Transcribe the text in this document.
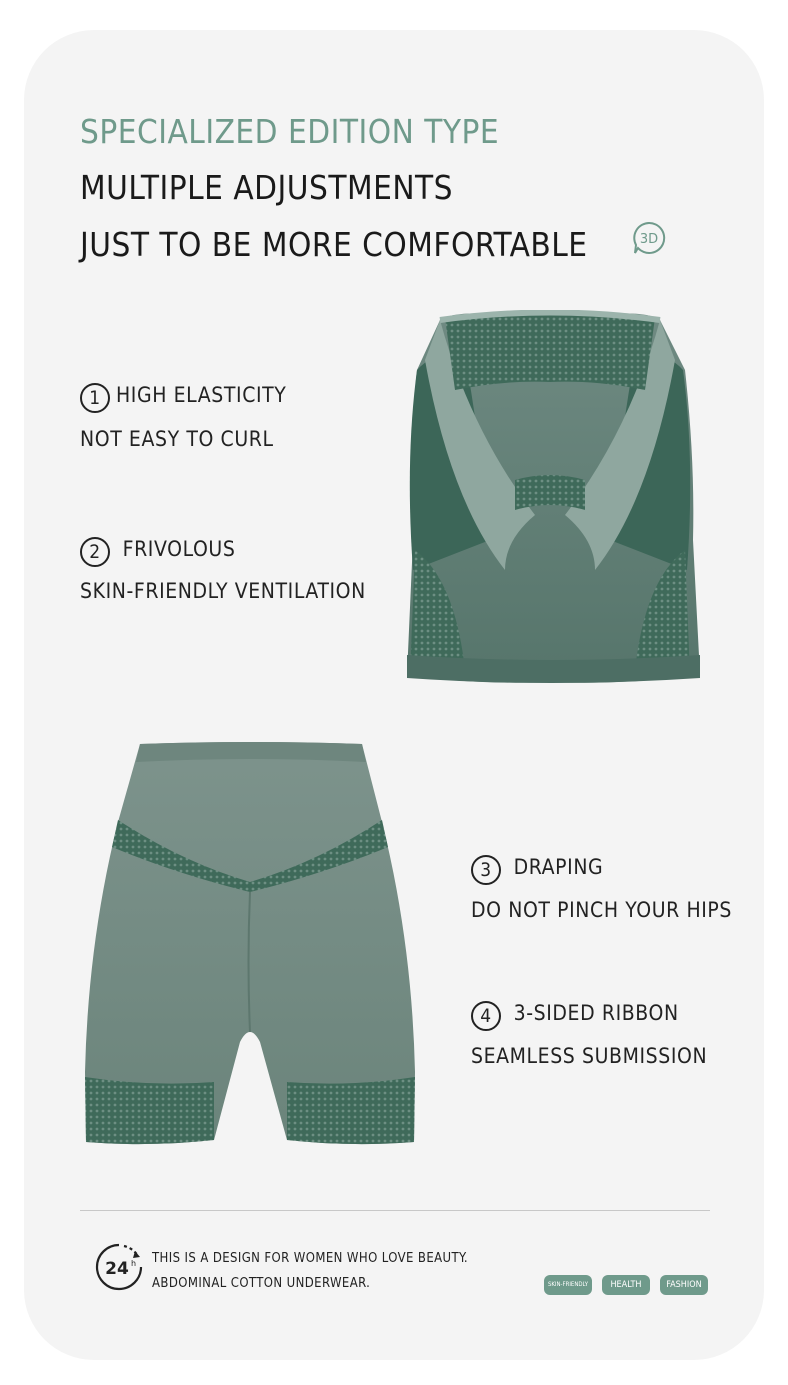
SPECIALIZED EDITION TYPE
MULTIPLE ADJUSTMENTS
JUST TO BE MORE COMFORTABLE	3D
1 HIGH ELASTICITY
NOT EASY TO CURL
2 FRIVOLOUS
SKIN-FRIENDLY VENTILATION
3 DRAPING
DO NOT PINCH YOUR HIPS
4 3-SIDED RIBBON
SEAMLESS SUBMISSION
24 h THIS IS A DESIGN FOR WOMEN WHO LOVE BEAUTY.
ABDOMINAL COTTON UNDERWEAR.	SKIN-FRIENDLY	HEALTH	FASHION
